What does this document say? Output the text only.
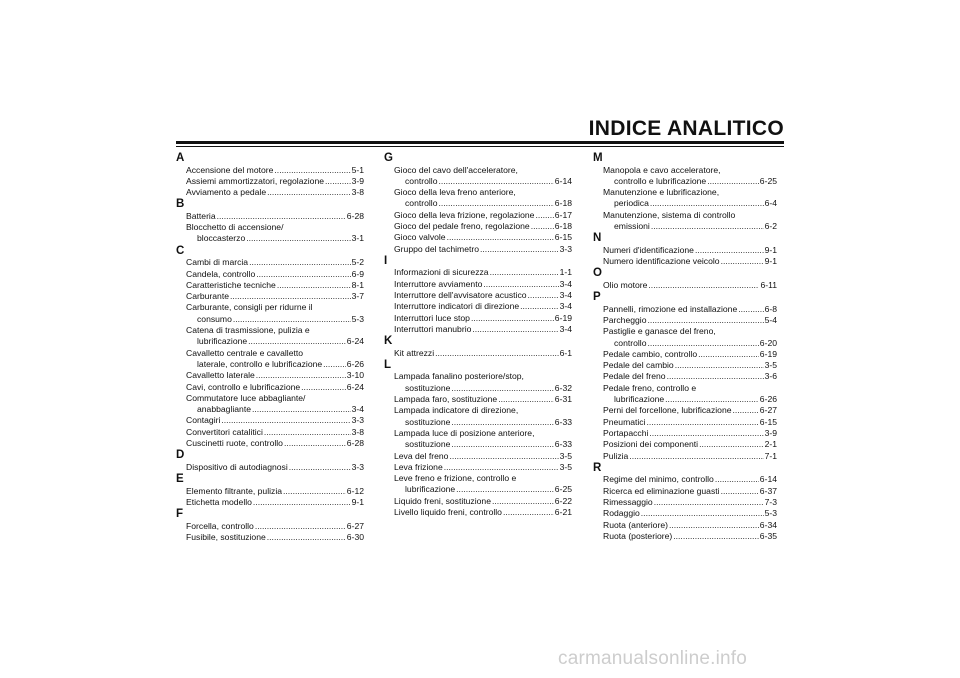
INDICE ANALITICO
A
Accensione del motore .....	5-1
Assiemi ammortizzatori, regolazione .....	3-9
Avviamento a pedale .....	3-8
B
Batteria .....	6-28
Blocchetto di accensione/
bloccasterzo .....	3-1
C
Cambi di marcia .....	5-2
Candela, controllo .....	6-9
Caratteristiche tecniche .....	8-1
Carburante .....	3-7
Carburante, consigli per ridurne il
consumo .....	5-3
Catena di trasmissione, pulizia e
lubrificazione .....	6-24
Cavalletto centrale e cavalletto
laterale, controllo e lubrificazione .....	6-26
Cavalletto laterale .....	3-10
Cavi, controllo e lubrificazione .....	6-24
Commutatore luce abbagliante/
anabbagliante .....	3-4
Contagiri .....	3-3
Convertitori catalitici .....	3-8
Cuscinetti ruote, controllo .....	6-28
D
Dispositivo di autodiagnosi .....	3-3
E
Elemento filtrante, pulizia .....	6-12
Etichetta modello .....	9-1
F
Forcella, controllo .....	6-27
Fusibile, sostituzione .....	6-30
G
Gioco del cavo dell'acceleratore,
controllo .....	6-14
Gioco della leva freno anteriore,
controllo .....	6-18
Gioco della leva frizione, regolazione ..... 6-17
Gioco del pedale freno, regolazione .....	6-18
Gioco valvole .....	6-15
Gruppo del tachimetro .....	3-3
I
Informazioni di sicurezza .....	1-1
Interruttore avviamento .....	3-4
Interruttore dell'avvisatore acustico .....	3-4
Interruttore indicatori di direzione .....	3-4
Interruttori luce stop .....	6-19
Interruttori manubrio .....	3-4
K
Kit attrezzi .....	6-1
L
Lampada fanalino posteriore/stop,
sostituzione .....	6-32
Lampada faro, sostituzione .....	6-31
Lampada indicatore di direzione,
sostituzione .....	6-33
Lampada luce di posizione anteriore,
sostituzione .....	6-33
Leva del freno .....	3-5
Leva frizione .....	3-5
Leve freno e frizione, controllo e
lubrificazione .....	6-25
Liquido freni, sostituzione .....	6-22
Livello liquido freni, controllo .....	6-21
M
Manopola e cavo acceleratore,
controllo e lubrificazione .....	6-25
Manutenzione e lubrificazione,
periodica .....	6-4
Manutenzione, sistema di controllo
emissioni .....	6-2
N
Numeri d'identificazione .....	9-1
Numero identificazione veicolo .....	9-1
O
Olio motore .....	6-11
P
Pannelli, rimozione ed installazione .....	6-8
Parcheggio .....	5-4
Pastiglie e ganasce del freno,
controllo .....	6-20
Pedale cambio, controllo .....	6-19
Pedale del cambio .....	3-5
Pedale del freno .....	3-6
Pedale freno, controllo e
lubrificazione .....	6-26
Perni del forcellone, lubrificazione .....	6-27
Pneumatici .....	6-15
Portapacchi .....	3-9
Posizioni dei componenti .....	2-1
Pulizia .....	7-1
R
Regime del minimo, controllo .....	6-14
Ricerca ed eliminazione guasti .....	6-37
Rimessaggio .....	7-3
Rodaggio .....	5-3
Ruota (anteriore) .....	6-34
Ruota (posteriore) .....	6-35
carmanualsonline.info
